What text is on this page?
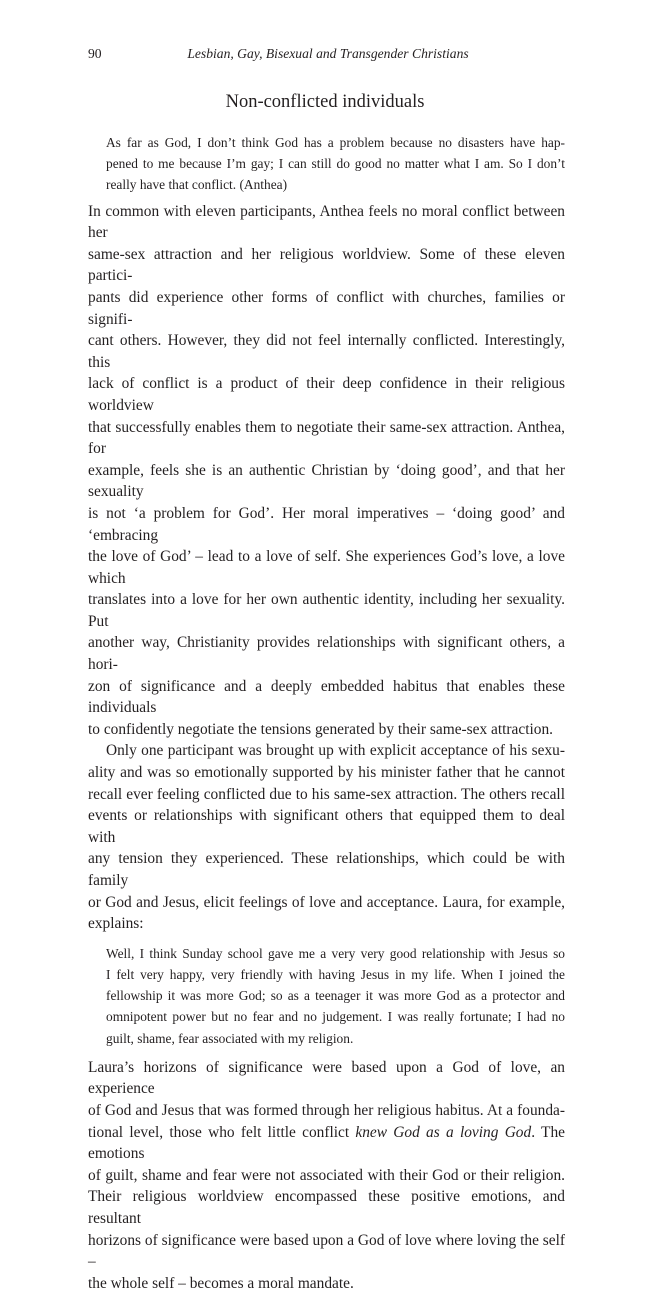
90	Lesbian, Gay, Bisexual and Transgender Christians
Non-conflicted individuals
As far as God, I don’t think God has a problem because no disasters have hap-
pened to me because I’m gay; I can still do good no matter what I am. So I don’t
really have that conflict. (Anthea)
In common with eleven participants, Anthea feels no moral conflict between her
same-sex attraction and her religious worldview. Some of these eleven partici-
pants did experience other forms of conflict with churches, families or signifi-
cant others. However, they did not feel internally conflicted. Interestingly, this
lack of conflict is a product of their deep confidence in their religious worldview
that successfully enables them to negotiate their same-sex attraction. Anthea, for
example, feels she is an authentic Christian by ‘doing good’, and that her sexuality
is not ‘a problem for God’. Her moral imperatives – ‘doing good’ and ‘embracing
the love of God’ – lead to a love of self. She experiences God’s love, a love which
translates into a love for her own authentic identity, including her sexuality. Put
another way, Christianity provides relationships with significant others, a hori-
zon of significance and a deeply embedded habitus that enables these individuals
to confidently negotiate the tensions generated by their same-sex attraction.
Only one participant was brought up with explicit acceptance of his sexu-
ality and was so emotionally supported by his minister father that he cannot
recall ever feeling conflicted due to his same-sex attraction. The others recall
events or relationships with significant others that equipped them to deal with
any tension they experienced. These relationships, which could be with family
or God and Jesus, elicit feelings of love and acceptance. Laura, for example,
explains:
Well, I think Sunday school gave me a very very good relationship with Jesus so
I felt very happy, very friendly with having Jesus in my life. When I joined the
fellowship it was more God; so as a teenager it was more God as a protector and
omnipotent power but no fear and no judgement. I was really fortunate; I had no
guilt, shame, fear associated with my religion.
Laura’s horizons of significance were based upon a God of love, an experience
of God and Jesus that was formed through her religious habitus. At a founda-
tional level, those who felt little conflict knew God as a loving God. The emotions
of guilt, shame and fear were not associated with their God or their religion.
Their religious worldview encompassed these positive emotions, and resultant
horizons of significance were based upon a God of love where loving the self –
the whole self – becomes a moral mandate.
